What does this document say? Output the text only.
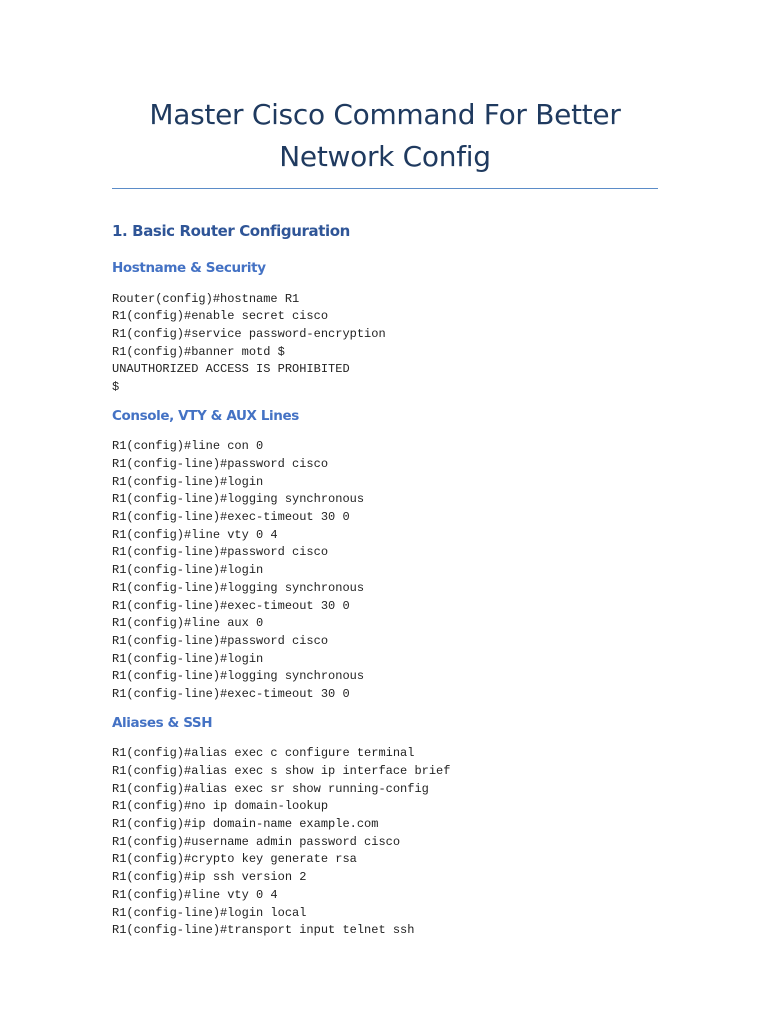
Master Cisco Command For Better
Network Config
1. Basic Router Configuration
Hostname & Security
Router(config)#hostname R1
R1(config)#enable secret cisco
R1(config)#service password-encryption
R1(config)#banner motd $
UNAUTHORIZED ACCESS IS PROHIBITED
$
Console, VTY & AUX Lines
R1(config)#line con 0
R1(config-line)#password cisco
R1(config-line)#login
R1(config-line)#logging synchronous
R1(config-line)#exec-timeout 30 0
R1(config)#line vty 0 4
R1(config-line)#password cisco
R1(config-line)#login
R1(config-line)#logging synchronous
R1(config-line)#exec-timeout 30 0
R1(config)#line aux 0
R1(config-line)#password cisco
R1(config-line)#login
R1(config-line)#logging synchronous
R1(config-line)#exec-timeout 30 0
Aliases & SSH
R1(config)#alias exec c configure terminal
R1(config)#alias exec s show ip interface brief
R1(config)#alias exec sr show running-config
R1(config)#no ip domain-lookup
R1(config)#ip domain-name example.com
R1(config)#username admin password cisco
R1(config)#crypto key generate rsa
R1(config)#ip ssh version 2
R1(config)#line vty 0 4
R1(config-line)#login local
R1(config-line)#transport input telnet ssh
